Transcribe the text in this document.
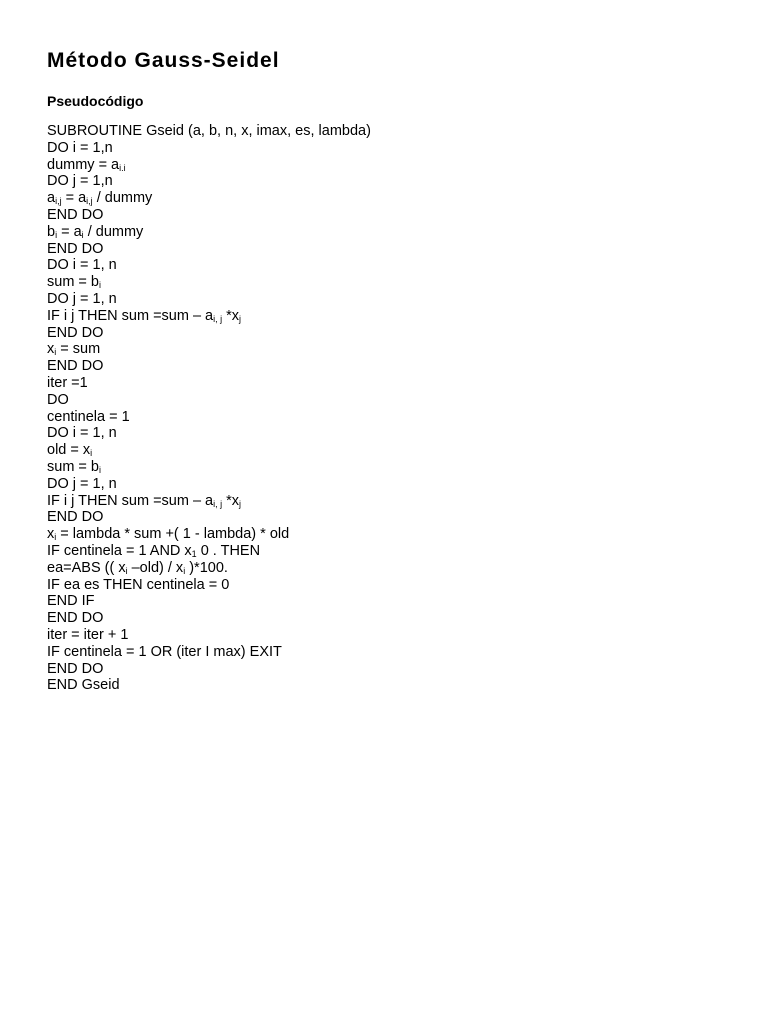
Método Gauss-Seidel
Pseudocódigo
SUBROUTINE Gseid (a, b, n, x, imax, es, lambda)
DO i = 1,n
dummy = ai.i
DO j = 1,n
ai,j = ai,j / dummy
END DO
bi = ai / dummy
END DO
DO i = 1, n
sum = bi
DO j = 1, n
IF i j THEN sum =sum – ai, j *xj
END DO
xi = sum
END DO
iter =1
DO
centinela = 1
DO i = 1, n
old = xi
sum = bi
DO j = 1, n
IF i j THEN sum =sum – ai, j *xj
END DO
xi = lambda * sum +( 1 - lambda) * old
IF centinela = 1 AND x1 0 . THEN
ea=ABS (( xi –old) / xi )*100.
IF ea es THEN centinela = 0
END IF
END DO
iter = iter + 1
IF centinela = 1 OR (iter I max) EXIT
END DO
END Gseid
